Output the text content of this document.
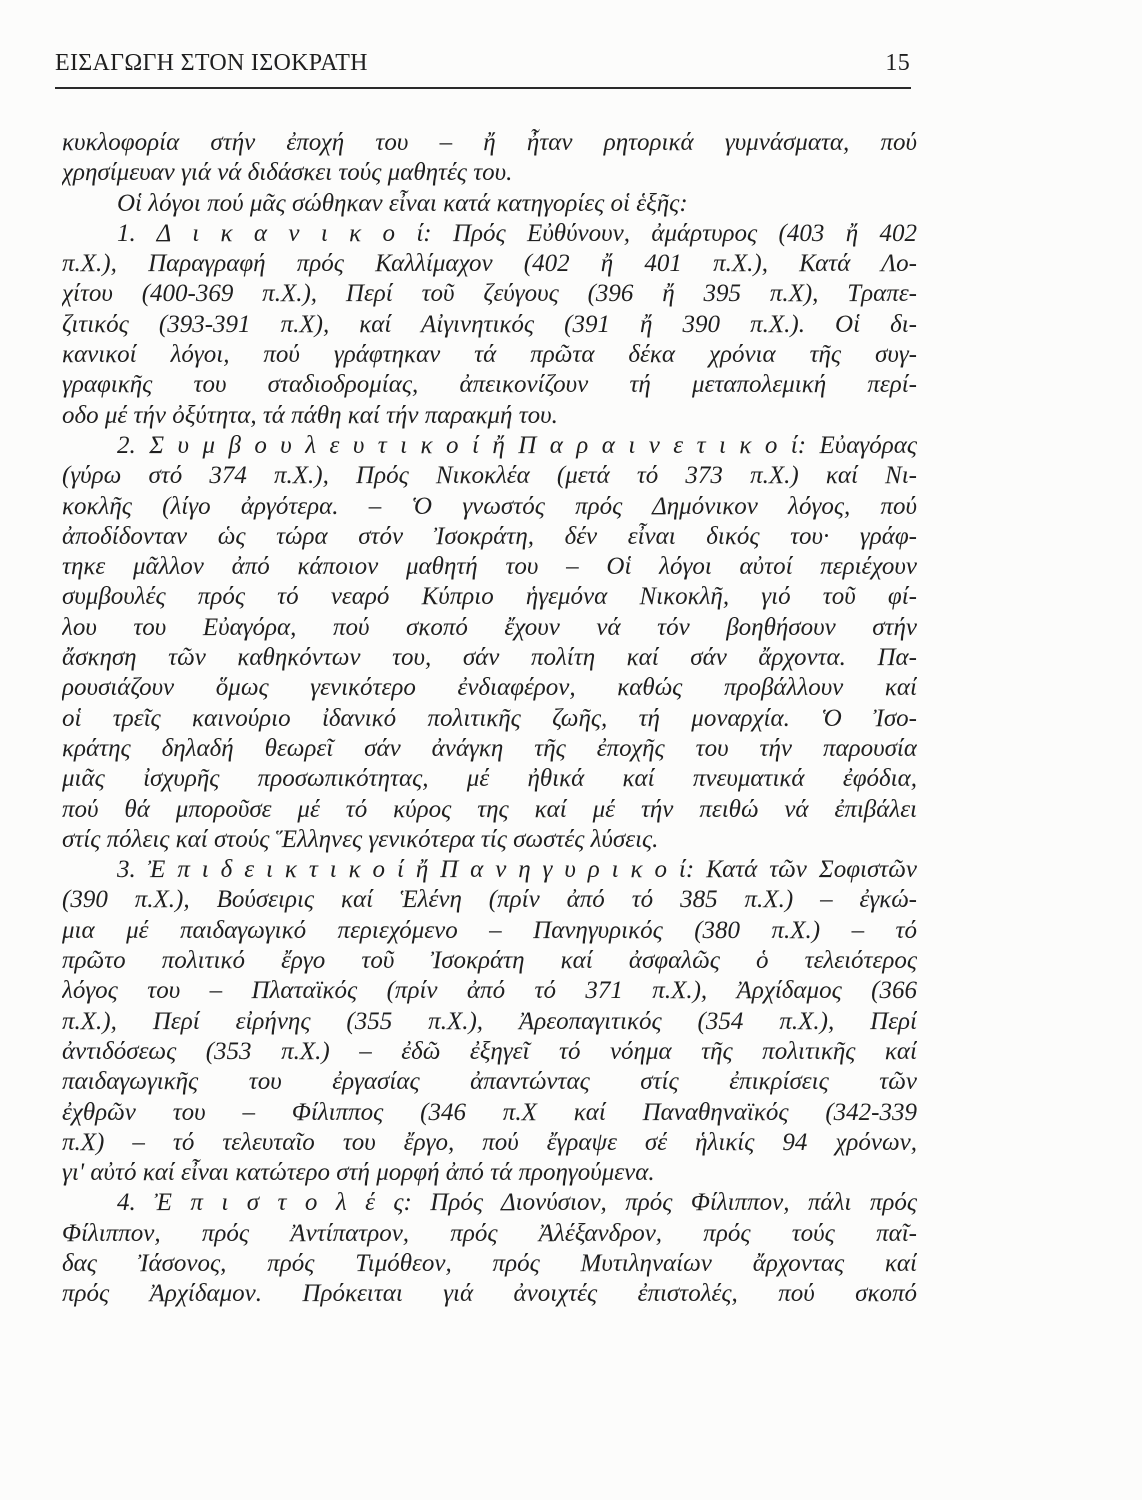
ΕΙΣΑΓΩΓΗ ΣΤΟΝ ΙΣΟΚΡΑΤΗ	15
κυκλοφορία στήν ἐποχή του – ἤ ἦταν ρητορικά γυμνάσματα, πού
χρησίμευαν γιά νά διδάσκει τούς μαθητές του.
Οἱ λόγοι πού μᾶς σώθηκαν εἶναι κατά κατηγορίες οἱ ἑξῆς:
1. Δ ι κ α ν ι κ ο ί: Πρός Εὐθύνουν, ἀμάρτυρος (403 ἤ 402
π.Χ.), Παραγραφή πρός Καλλίμαχον (402 ἤ 401 π.Χ.), Κατά Λο-
χίτου (400-369 π.Χ.), Περί τοῦ ζεύγους (396 ἤ 395 π.Χ), Τραπε-
ζιτικός (393-391 π.Χ), καί Αἰγινητικός (391 ἤ 390 π.Χ.). Οἱ δι-
κανικοί λόγοι, πού γράφτηκαν τά πρῶτα δέκα χρόνια τῆς συγ-
γραφικῆς του σταδιοδρομίας, ἀπεικονίζουν τή μεταπολεμική περί-
οδο μέ τήν ὀξύτητα, τά πάθη καί τήν παρακμή του.
2. Σ υ μ β ο υ λ ε υ τ ι κ ο ί ἤ Π α ρ α ι ν ε τ ι κ ο ί: Εὐαγόρας
(γύρω στό 374 π.Χ.), Πρός Νικοκλέα (μετά τό 373 π.Χ.) καί Νι-
κοκλῆς (λίγο ἀργότερα. – Ὁ γνωστός πρός Δημόνικον λόγος, πού
ἀποδίδονταν ὡς τώρα στόν Ἰσοκράτη, δέν εἶναι δικός του· γράφ-
τηκε μᾶλλον ἀπό κάποιον μαθητή του – Οἱ λόγοι αὐτοί περιέχουν
συμβουλές πρός τό νεαρό Κύπριο ἡγεμόνα Νικοκλῆ, γιό τοῦ φί-
λου του Εὐαγόρα, πού σκοπό ἔχουν νά τόν βοηθήσουν στήν
ἄσκηση τῶν καθηκόντων του, σάν πολίτη καί σάν ἄρχοντα. Πα-
ρουσιάζουν ὅμως γενικότερο ἐνδιαφέρον, καθώς προβάλλουν καί
οἱ τρεῖς καινούριο ἰδανικό πολιτικῆς ζωῆς, τή μοναρχία. Ὁ Ἰσο-
κράτης δηλαδή θεωρεῖ σάν ἀνάγκη τῆς ἐποχῆς του τήν παρουσία
μιᾶς ἰσχυρῆς προσωπικότητας, μέ ἠθικά καί πνευματικά ἐφόδια,
πού θά μποροῦσε μέ τό κύρος της καί μέ τήν πειθώ νά ἐπιβάλει
στίς πόλεις καί στούς Ἕλληνες γενικότερα τίς σωστές λύσεις.
3. Ἐ π ι δ ε ι κ τ ι κ ο ί ἤ Π α ν η γ υ ρ ι κ ο ί: Κατά τῶν Σοφιστῶν
(390 π.Χ.), Βούσειρις καί Ἑλένη (πρίν ἀπό τό 385 π.Χ.) – ἐγκώ-
μια μέ παιδαγωγικό περιεχόμενο – Πανηγυρικός (380 π.Χ.) – τό
πρῶτο πολιτικό ἔργο τοῦ Ἰσοκράτη καί ἀσφαλῶς ὁ τελειότερος
λόγος του – Πλαταϊκός (πρίν ἀπό τό 371 π.Χ.), Ἀρχίδαμος (366
π.Χ.), Περί εἰρήνης (355 π.Χ.), Ἀρεοπαγιτικός (354 π.Χ.), Περί
ἀντιδόσεως (353 π.Χ.) – ἐδῶ ἐξηγεῖ τό νόημα τῆς πολιτικῆς καί
παιδαγωγικῆς του ἐργασίας ἀπαντώντας στίς ἐπικρίσεις τῶν
ἐχθρῶν του – Φίλιππος (346 π.Χ καί Παναθηναϊκός (342-339
π.Χ) – τό τελευταῖο του ἔργο, πού ἔγραψε σέ ἡλικίς 94 χρόνων,
γι' αὐτό καί εἶναι κατώτερο στή μορφή ἀπό τά προηγούμενα.
4. Ἐ π ι σ τ ο λ έ ς: Πρός Διονύσιον, πρός Φίλιππον, πάλι πρός
Φίλιππον, πρός Ἀντίπατρον, πρός Ἀλέξανδρον, πρός τούς παῖ-
δας Ἰάσονος, πρός Τιμόθεον, πρός Μυτιληναίων ἄρχοντας καί
πρός Ἀρχίδαμον. Πρόκειται γιά ἀνοιχτές ἐπιστολές, πού σκοπό
